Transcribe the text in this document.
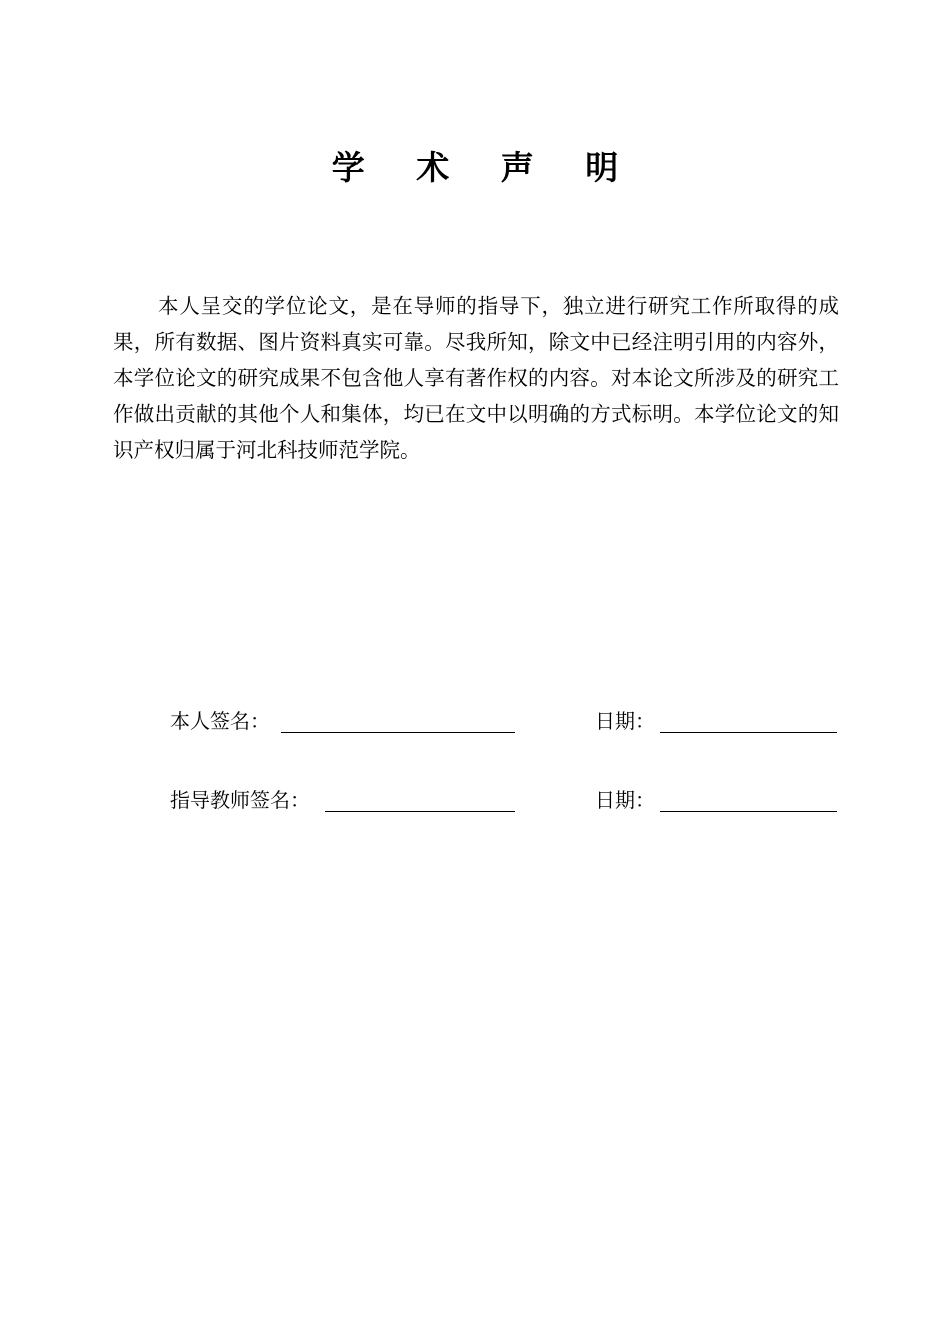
学 术 声 明

本人呈交的学位论文，是在导师的指导下，独立进行研究工作所取得的成果，所有数据、图片资料真实可靠。尽我所知，除文中已经注明引用的内容外，本学位论文的研究成果不包含他人享有著作权的内容。对本论文所涉及的研究工作做出贡献的其他个人和集体，均已在文中以明确的方式标明。本学位论文的知识产权归属于河北科技师范学院。

本人签名：	日期：
指导教师签名：	日期：
